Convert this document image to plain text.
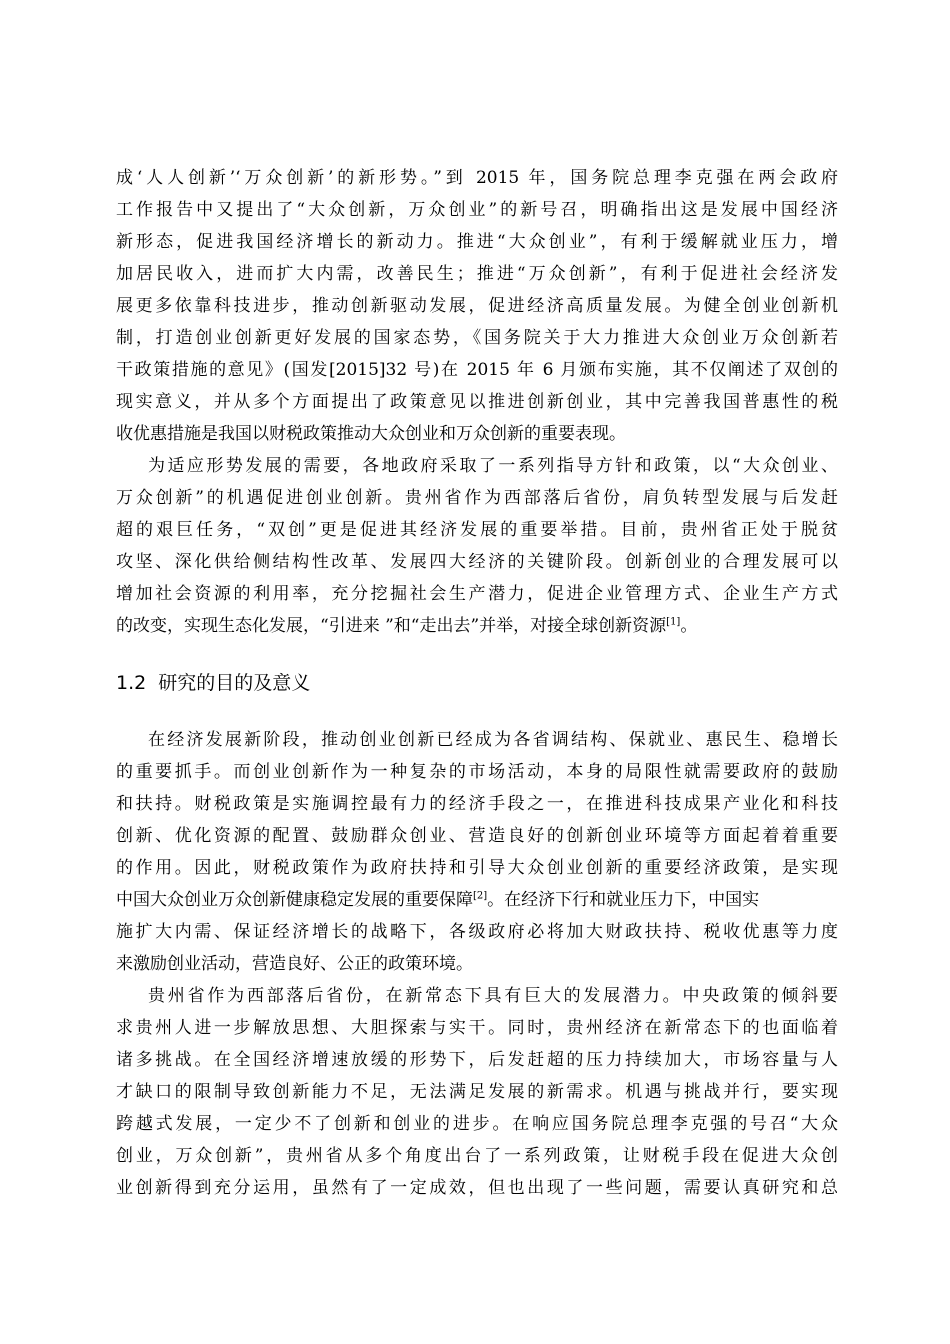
成‘人人创新’‘万众创新’的新形势。”到 2015 年，国务院总理李克强在两会政府
工作报告中又提出了“大众创新，万众创业”的新号召，明确指出这是发展中国经济
新形态，促进我国经济增长的新动力。推进“大众创业”，有利于缓解就业压力，增
加居民收入，进而扩大内需，改善民生；推进“万众创新”，有利于促进社会经济发
展更多依靠科技进步，推动创新驱动发展，促进经济高质量发展。为健全创业创新机
制，打造创业创新更好发展的国家态势，《国务院关于大力推进大众创业万众创新若
干政策措施的意见》(国发[2015]32 号)在 2015 年 6 月颁布实施，其不仅阐述了双创的
现实意义，并从多个方面提出了政策意见以推进创新创业，其中完善我国普惠性的税
收优惠措施是我国以财税政策推动大众创业和万众创新的重要表现。
为适应形势发展的需要，各地政府采取了一系列指导方针和政策，以“大众创业、
万众创新”的机遇促进创业创新。贵州省作为西部落后省份，肩负转型发展与后发赶
超的艰巨任务，“双创”更是促进其经济发展的重要举措。目前，贵州省正处于脱贫
攻坚、深化供给侧结构性改革、发展四大经济的关键阶段。创新创业的合理发展可以
增加社会资源的利用率，充分挖掘社会生产潜力，促进企业管理方式、企业生产方式
的改变，实现生态化发展，“引进来 ”和“走出去”并举，对接全球创新资源[1]。
1.2 研究的目的及意义
在经济发展新阶段，推动创业创新已经成为各省调结构、保就业、惠民生、稳增长
的重要抓手。而创业创新作为一种复杂的市场活动，本身的局限性就需要政府的鼓励
和扶持。财税政策是实施调控最有力的经济手段之一，在推进科技成果产业化和科技
创新、优化资源的配置、鼓励群众创业、营造良好的创新创业环境等方面起着着重要
的作用。因此，财税政策作为政府扶持和引导大众创业创新的重要经济政策，是实现
中国大众创业万众创新健康稳定发展的重要保障[2]。在经济下行和就业压力下，中国实
施扩大内需、保证经济增长的战略下，各级政府必将加大财政扶持、税收优惠等力度
来激励创业活动，营造良好、公正的政策环境。
贵州省作为西部落后省份，在新常态下具有巨大的发展潜力。中央政策的倾斜要
求贵州人进一步解放思想、大胆探索与实干。同时，贵州经济在新常态下的也面临着
诸多挑战。在全国经济增速放缓的形势下，后发赶超的压力持续加大，市场容量与人
才缺口的限制导致创新能力不足，无法满足发展的新需求。机遇与挑战并行，要实现
跨越式发展，一定少不了创新和创业的进步。在响应国务院总理李克强的号召“大众
创业，万众创新”，贵州省从多个角度出台了一系列政策，让财税手段在促进大众创
业创新得到充分运用，虽然有了一定成效，但也出现了一些问题，需要认真研究和总
